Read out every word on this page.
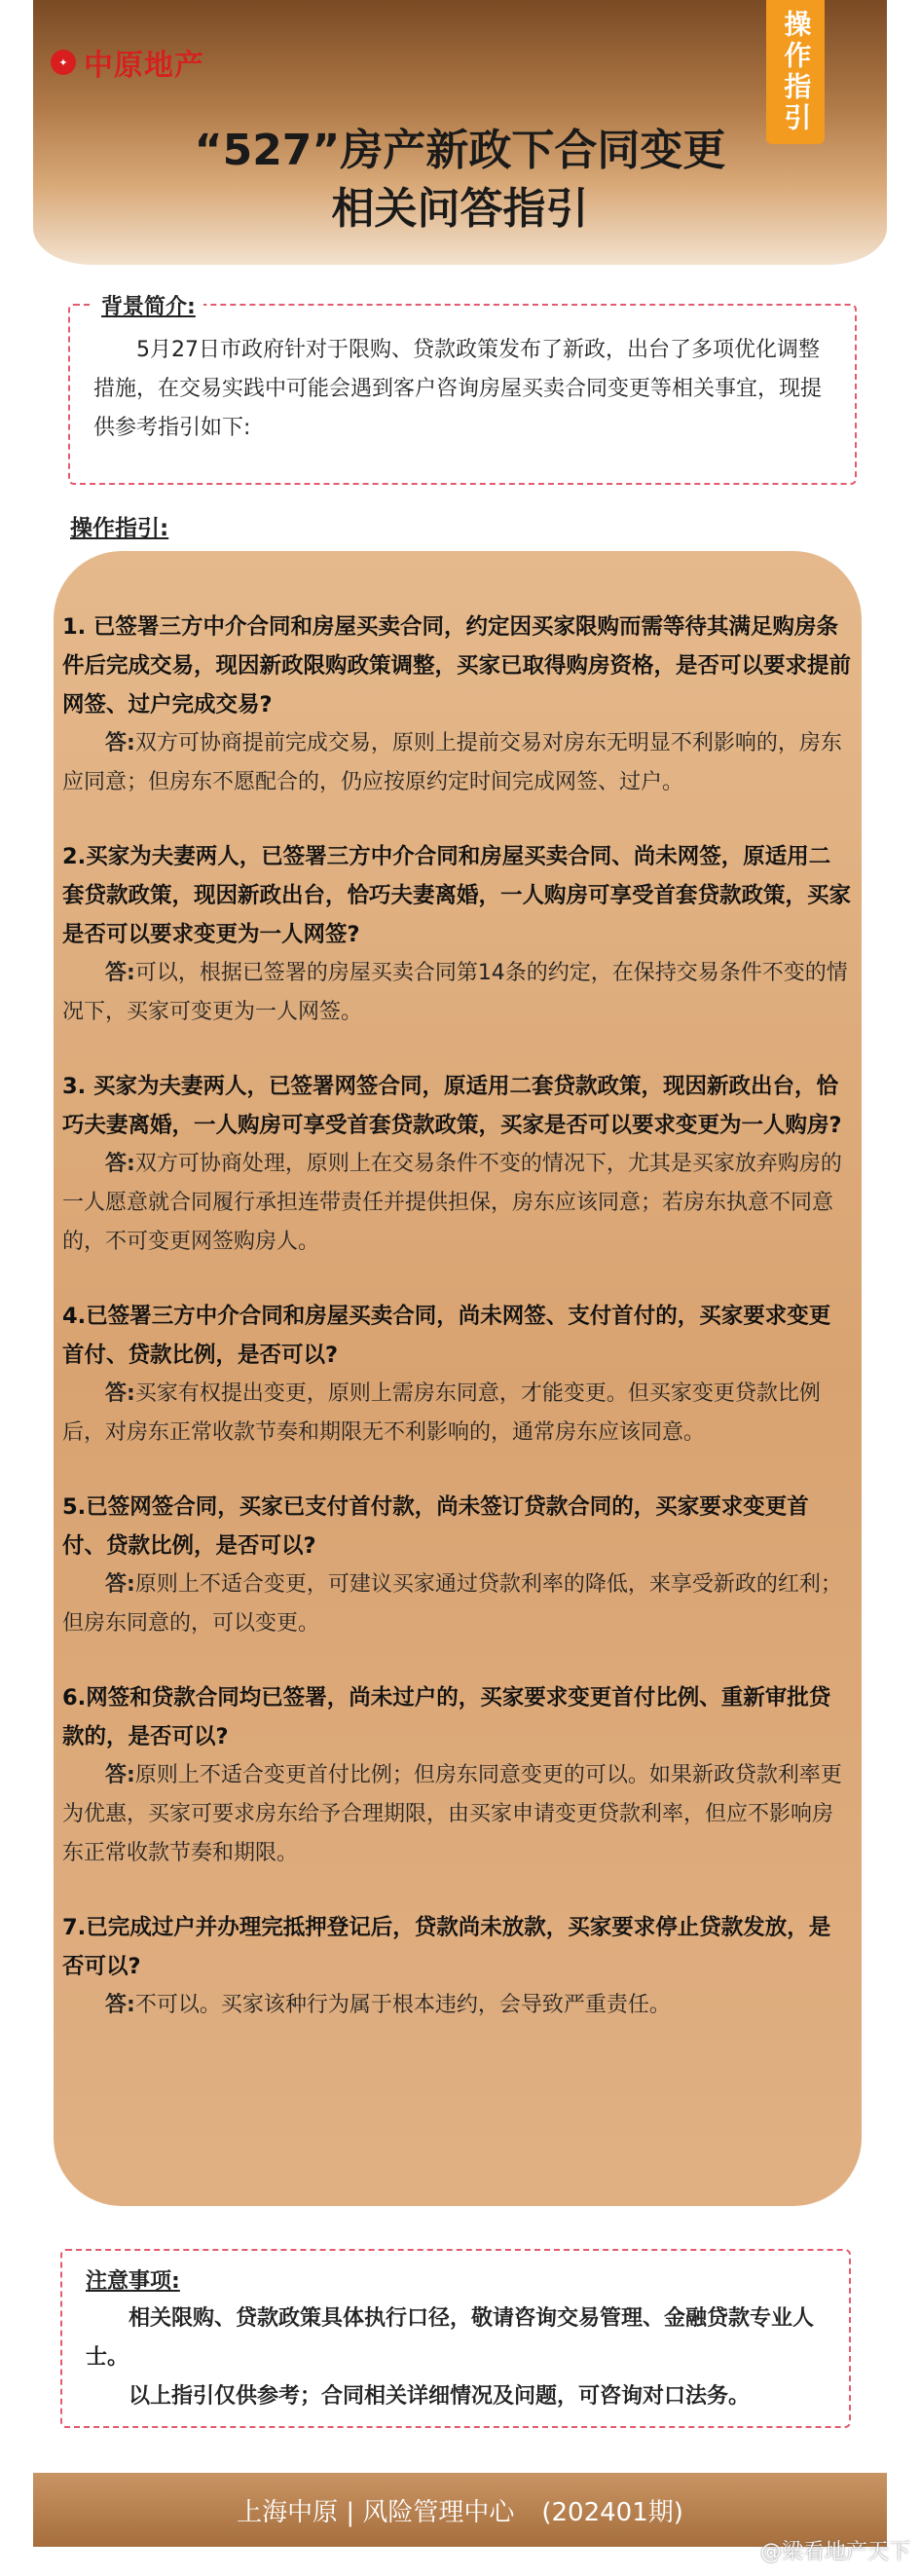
✦ 中原地产	操作指引
“527”房产新政下合同变更
相关问答指引
背景简介:
5月27日市政府针对于限购、贷款政策发布了新政，出台了多项优化调整措施，在交易实践中可能会遇到客户咨询房屋买卖合同变更等相关事宜，现提供参考指引如下:
操作指引:
1. 已签署三方中介合同和房屋买卖合同，约定因买家限购而需等待其满足购房条件后完成交易，现因新政限购政策调整，买家已取得购房资格，是否可以要求提前网签、过户完成交易?
答:双方可协商提前完成交易，原则上提前交易对房东无明显不利影响的，房东应同意；但房东不愿配合的，仍应按原约定时间完成网签、过户。
2.买家为夫妻两人，已签署三方中介合同和房屋买卖合同、尚未网签，原适用二套贷款政策，现因新政出台，恰巧夫妻离婚，一人购房可享受首套贷款政策，买家是否可以要求变更为一人网签?
答:可以，根据已签署的房屋买卖合同第14条的约定，在保持交易条件不变的情况下，买家可变更为一人网签。
3. 买家为夫妻两人，已签署网签合同，原适用二套贷款政策，现因新政出台，恰巧夫妻离婚，一人购房可享受首套贷款政策，买家是否可以要求变更为一人购房?
答:双方可协商处理，原则上在交易条件不变的情况下，尤其是买家放弃购房的一人愿意就合同履行承担连带责任并提供担保，房东应该同意；若房东执意不同意的，不可变更网签购房人。
4.已签署三方中介合同和房屋买卖合同，尚未网签、支付首付的，买家要求变更首付、贷款比例，是否可以?
答:买家有权提出变更，原则上需房东同意，才能变更。但买家变更贷款比例后，对房东正常收款节奏和期限无不利影响的，通常房东应该同意。
5.已签网签合同，买家已支付首付款，尚未签订贷款合同的，买家要求变更首付、贷款比例，是否可以?
答:原则上不适合变更，可建议买家通过贷款利率的降低，来享受新政的红利；但房东同意的，可以变更。
6.网签和贷款合同均已签署，尚未过户的，买家要求变更首付比例、重新审批贷款的，是否可以?
答:原则上不适合变更首付比例；但房东同意变更的可以。如果新政贷款利率更为优惠，买家可要求房东给予合理期限，由买家申请变更贷款利率，但应不影响房东正常收款节奏和期限。
7.已完成过户并办理完抵押登记后，贷款尚未放款，买家要求停止贷款发放，是否可以?
答:不可以。买家该种行为属于根本违约，会导致严重责任。
注意事项:

相关限购、贷款政策具体执行口径，敬请咨询交易管理、金融贷款专业人士。

以上指引仅供参考；合同相关详细情况及问题，可咨询对口法务。

上海中原 | 风险管理中心 (202401期)
@梁看地产天下
